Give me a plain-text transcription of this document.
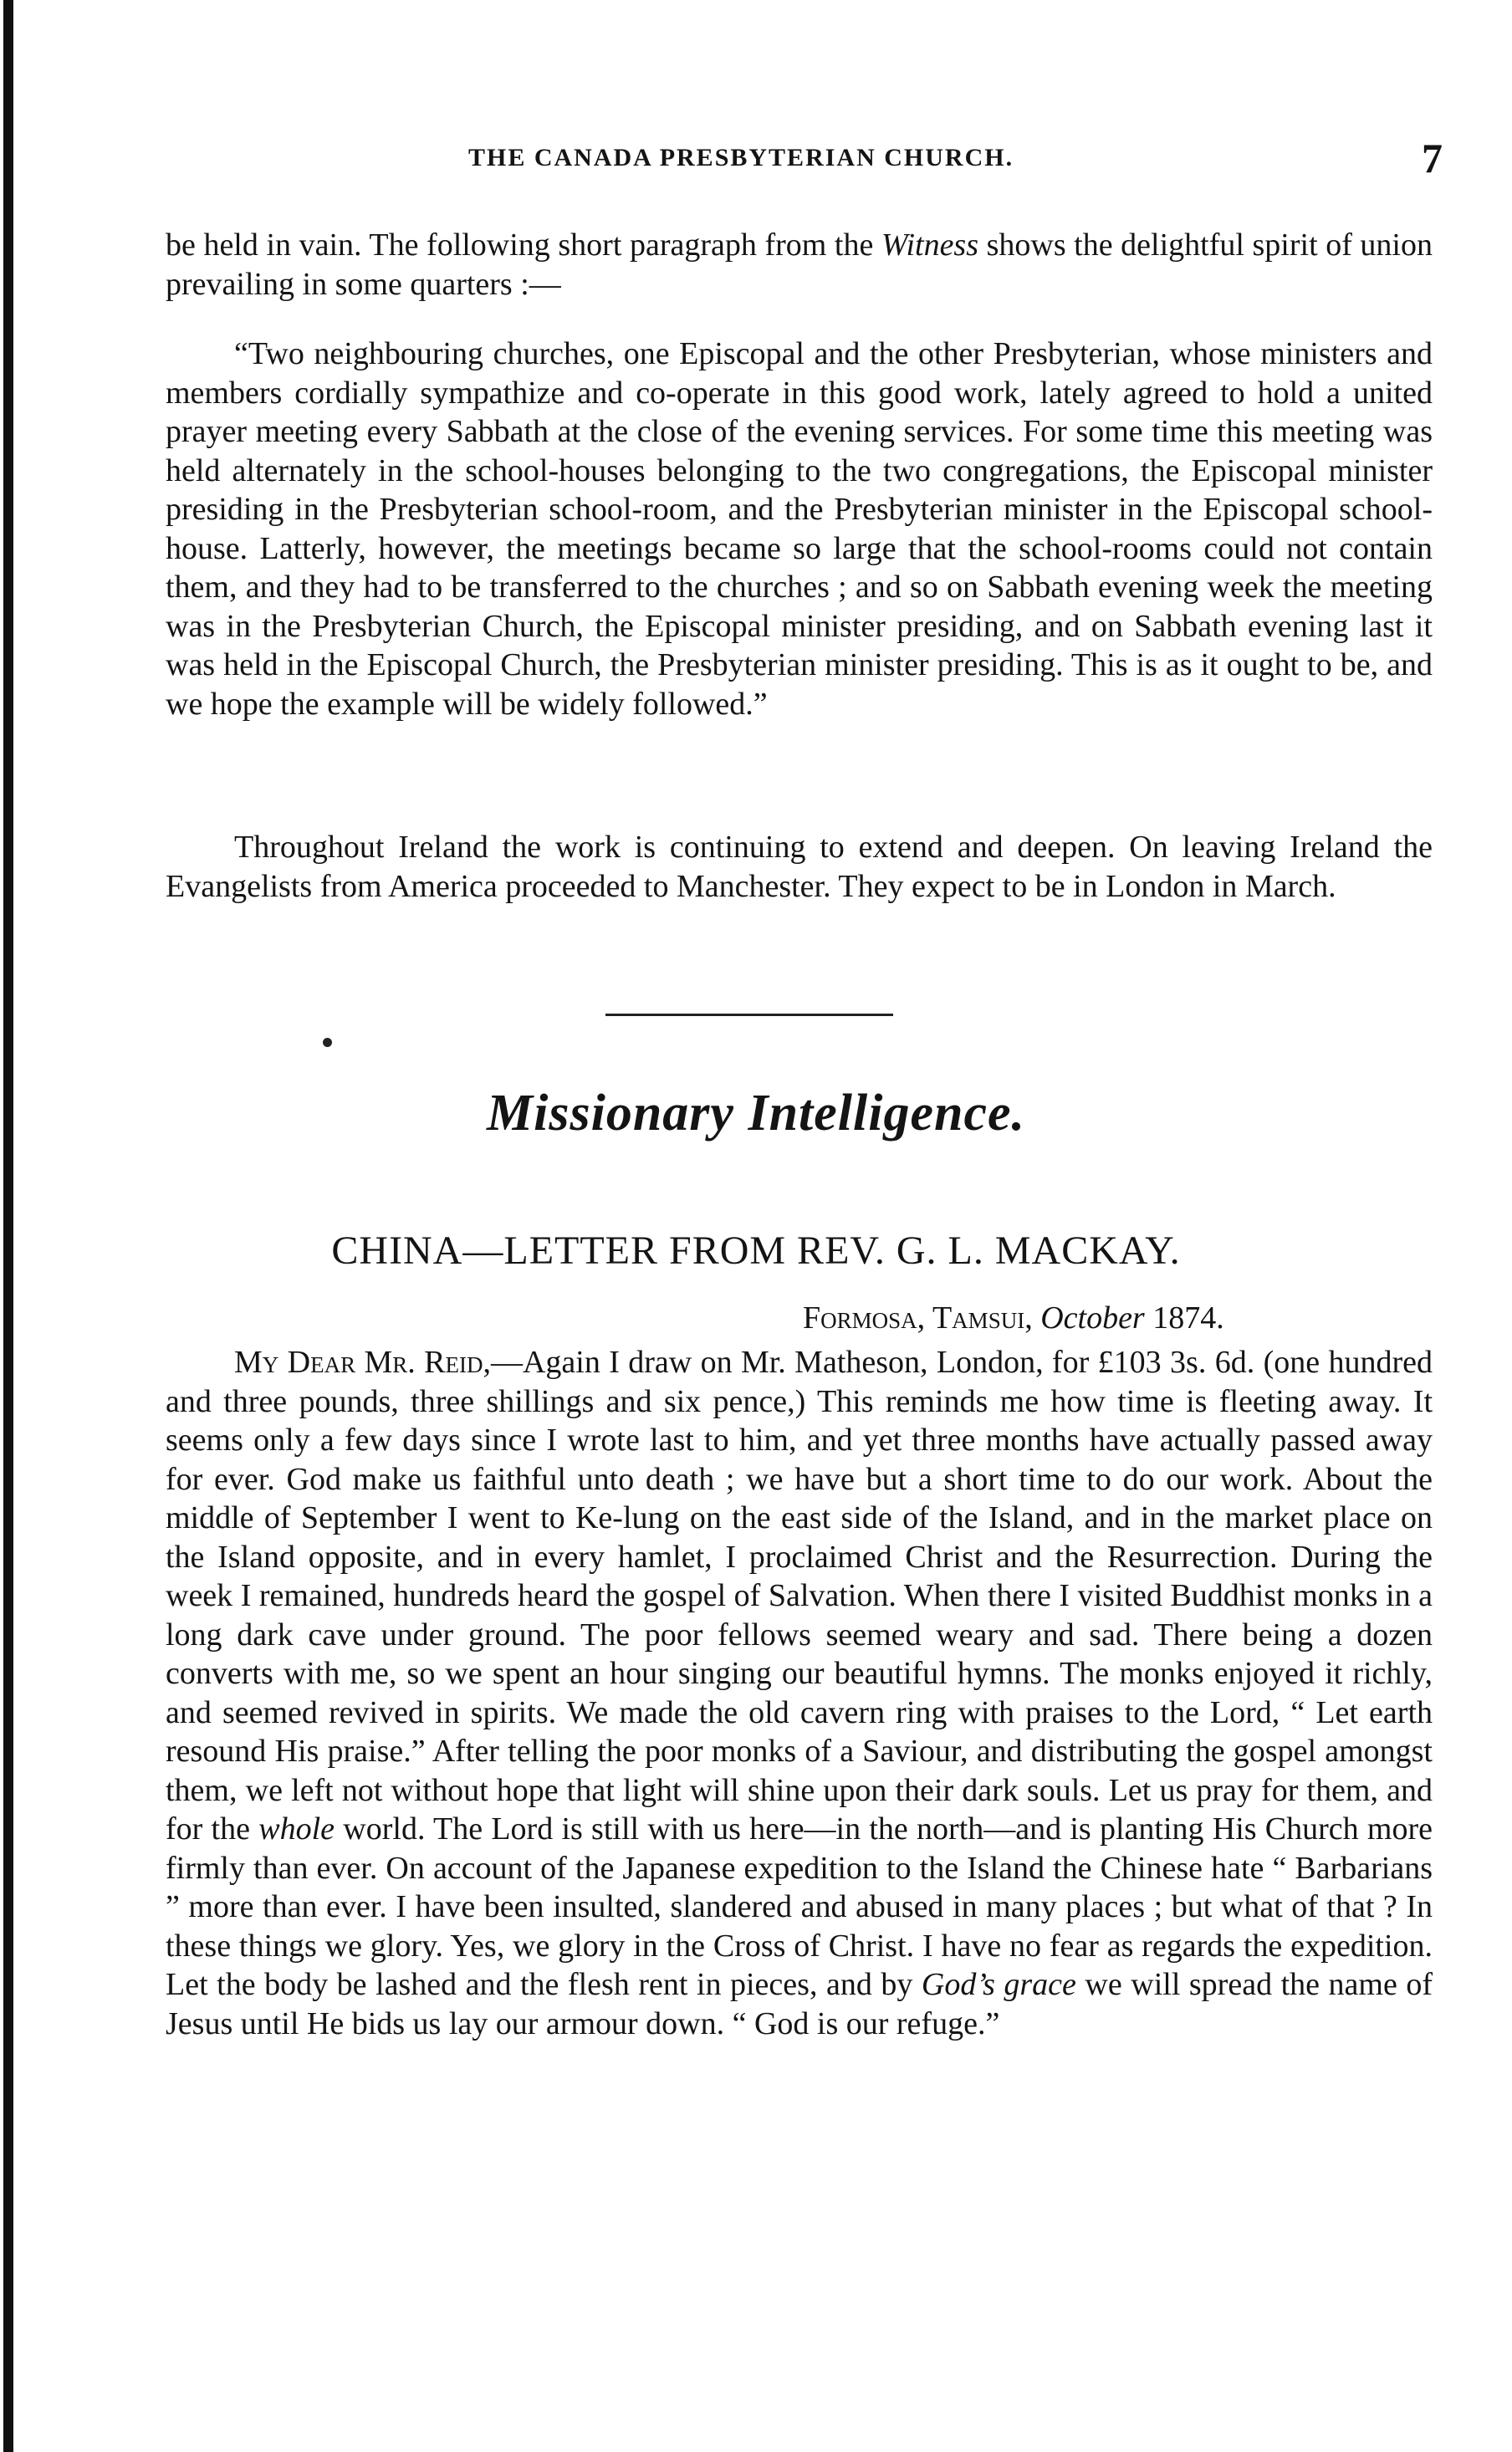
THE CANADA PRESBYTERIAN CHURCH.	7

be held in vain. The following short paragraph from the Witness shows the delightful spirit of union prevailing in some quarters :—

“Two neighbouring churches, one Episcopal and the other Presbyterian, whose ministers and members cordially sympathize and co-operate in this good work, lately agreed to hold a united prayer meeting every Sabbath at the close of the evening services. For some time this meeting was held alternately in the school-houses belonging to the two congregations, the Episcopal minister presiding in the Presbyterian school-room, and the Presbyterian minister in the Episcopal school-house. Latterly, however, the meetings became so large that the school-rooms could not contain them, and they had to be transferred to the churches ; and so on Sabbath evening week the meeting was in the Presbyterian Church, the Episcopal minister presiding, and on Sabbath evening last it was held in the Episcopal Church, the Presbyterian minister presiding. This is as it ought to be, and we hope the example will be widely followed.”

Throughout Ireland the work is continuing to extend and deepen. On leaving Ireland the Evangelists from America proceeded to Manchester. They expect to be in London in March.

Missionary Intelligence.
CHINA—LETTER FROM REV. G. L. MACKAY.
Formosa, Tamsui, October 1874.

My Dear Mr. Reid,—Again I draw on Mr. Matheson, London, for £103 3s. 6d. (one hundred and three pounds, three shillings and six pence,) This reminds me how time is fleeting away. It seems only a few days since I wrote last to him, and yet three months have actually passed away for ever. God make us faithful unto death ; we have but a short time to do our work. About the middle of September I went to Ke-lung on the east side of the Island, and in the market place on the Island opposite, and in every hamlet, I proclaimed Christ and the Resurrection. During the week I remained, hundreds heard the gospel of Salvation. When there I visited Buddhist monks in a long dark cave under ground. The poor fellows seemed weary and sad. There being a dozen converts with me, so we spent an hour singing our beautiful hymns. The monks enjoyed it richly, and seemed revived in spirits. We made the old cavern ring with praises to the Lord, “ Let earth resound His praise.” After telling the poor monks of a Saviour, and distributing the gospel amongst them, we left not without hope that light will shine upon their dark souls. Let us pray for them, and for the whole world. The Lord is still with us here—in the north—and is planting His Church more firmly than ever. On account of the Japanese expedition to the Island the Chinese hate “ Barbarians ” more than ever. I have been insulted, slandered and abused in many places ; but what of that ? In these things we glory. Yes, we glory in the Cross of Christ. I have no fear as regards the expedition. Let the body be lashed and the flesh rent in pieces, and by God’s grace we will spread the name of Jesus until He bids us lay our armour down. “ God is our refuge.”
